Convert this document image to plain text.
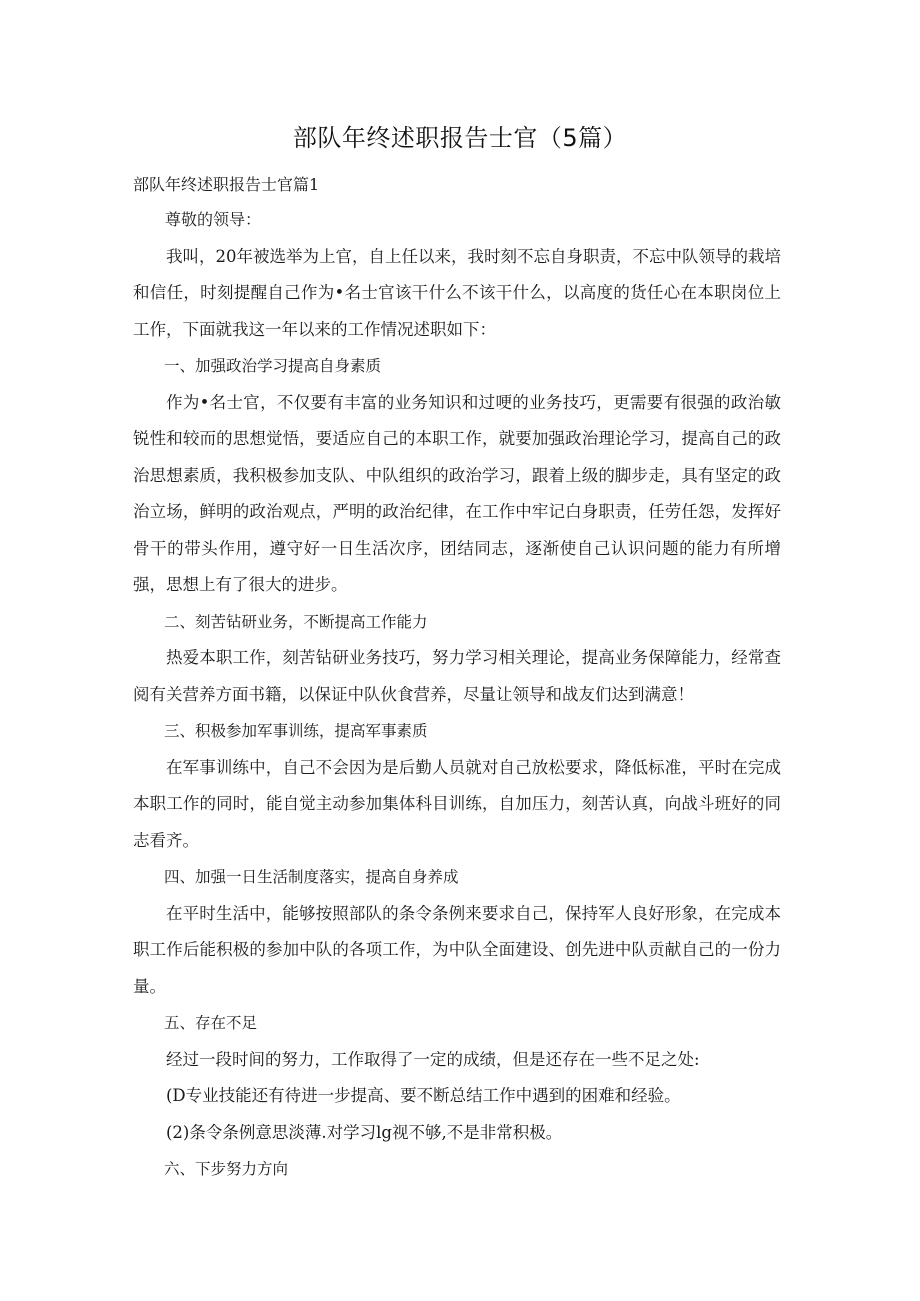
部队年终述职报告士官（5篇）

部队年终述职报告士官篇1

尊敬的领导：

我叫，20年被选举为上官，自上任以来，我时刻不忘自身职责，不忘中队领导的栽培和信任，时刻提醒自己作为•名士官该干什么不该干什么，以高度的货任心在本职岗位上工作，下面就我这一年以来的工作情况述职如下：

一、加强政治学习提高自身素质

作为•名士官，不仅要有丰富的业务知识和过哽的业务技巧，更需要有很强的政治敏锐性和较而的思想觉悟，要适应自己的本职工作，就要加强政治理论学习，提高自己的政治思想素质，我积极参加支队、中队组织的政治学习，跟着上级的脚步走，具有坚定的政治立场，鲜明的政治观点，严明的政治纪律，在工作中牢记白身职责，任劳任怨，发挥好骨干的带头作用，遵守好一日生活次序，团结同志，逐渐使自己认识问题的能力有所增强，思想上有了很大的进步。

二、刻苦钻研业务，不断提高工作能力

热爱本职工作，刻苦钻研业务技巧，努力学习相关理论，提高业务保障能力，经常查阅有关营养方面书籍，以保证中队伙食营养，尽量让领导和战友们达到满意！

三、积极参加军事训练，提高军事素质

在军事训练中，自己不会因为是后勤人员就对自己放松要求，降低标准，平时在完成本职工作的同时，能自觉主动参加集体科目训练，自加压力，刻苦认真，向战斗班好的同志看齐。

四、加强一日生活制度落实，提高自身养成

在平时生活中，能够按照部队的条令条例来要求自己，保持军人良好形象，在完成本职工作后能积极的参加中队的各项工作，为中队全面建设、创先进中队贡献自己的一份力量。

五、存在不足

经过一段时间的努力，工作取得了一定的成绩，但是还存在一些不足之处:

(D专业技能还有待进一步提高、要不断总结工作中遇到的困难和经验。

(2)条令条例意思淡薄.对学习lg视不够,不是非常积极。

六、下步努力方向
